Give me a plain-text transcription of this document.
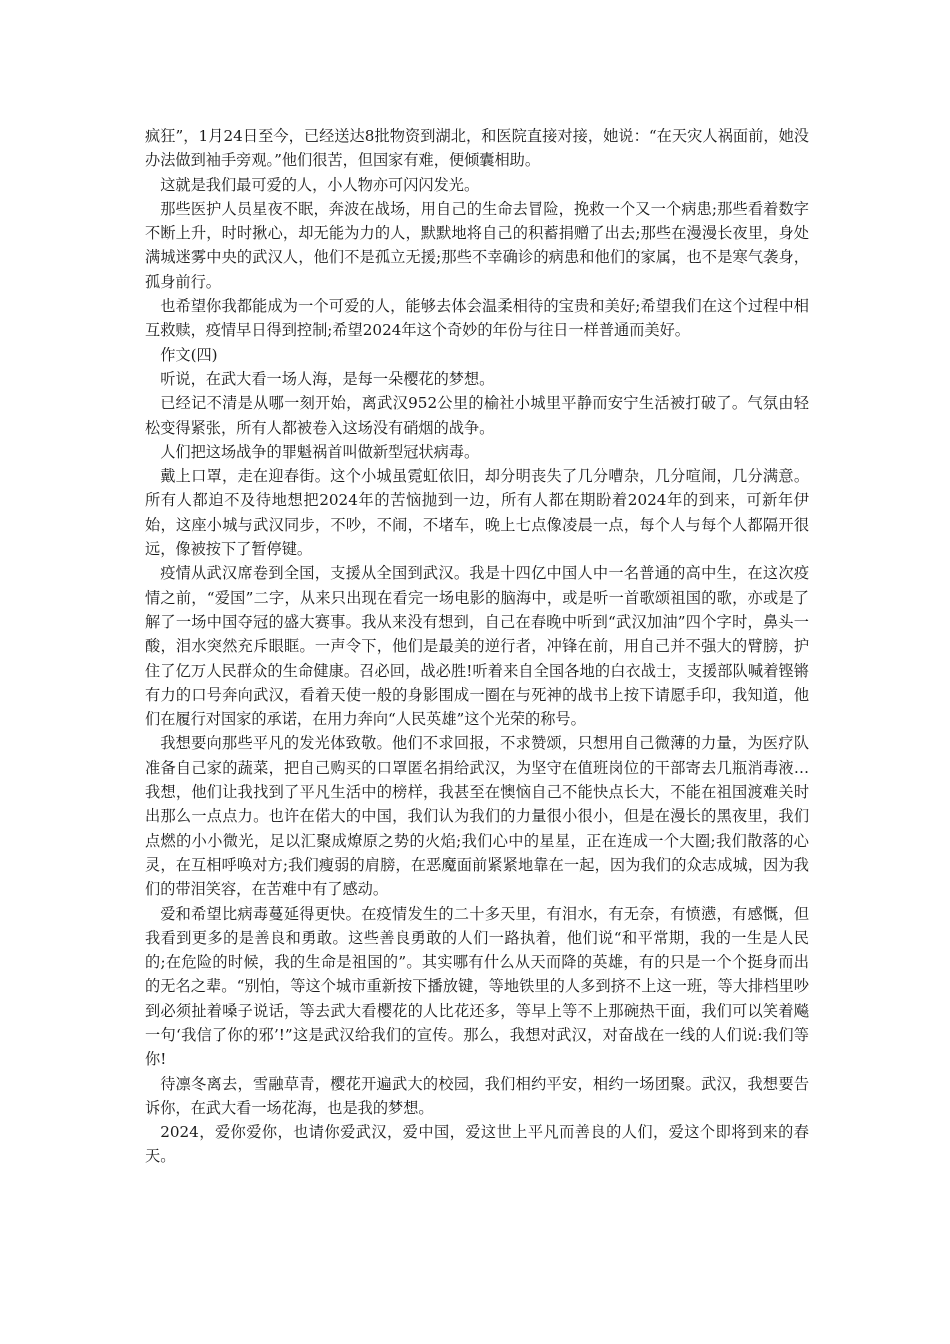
疯狂”，1月24日至今，已经送达8批物资到湖北，和医院直接对接，她说：“在天灾人祸面前，她没办法做到袖手旁观。”他们很苦，但国家有难，便倾囊相助。

这就是我们最可爱的人，小人物亦可闪闪发光。

那些医护人员星夜不眠，奔波在战场，用自己的生命去冒险，挽救一个又一个病患;那些看着数字不断上升，时时揪心，却无能为力的人，默默地将自己的积蓄捐赠了出去;那些在漫漫长夜里，身处满城迷雾中央的武汉人，他们不是孤立无援;那些不幸确诊的病患和他们的家属，也不是寒气袭身，孤身前行。

也希望你我都能成为一个可爱的人，能够去体会温柔相待的宝贵和美好;希望我们在这个过程中相互救赎，疫情早日得到控制;希望2024年这个奇妙的年份与往日一样普通而美好。

作文(四)

听说，在武大看一场人海，是每一朵樱花的梦想。

已经记不清是从哪一刻开始，离武汉952公里的榆社小城里平静而安宁生活被打破了。气氛由轻松变得紧张，所有人都被卷入这场没有硝烟的战争。

人们把这场战争的罪魁祸首叫做新型冠状病毒。

戴上口罩，走在迎春街。这个小城虽霓虹依旧，却分明丧失了几分嘈杂，几分喧闹，几分满意。所有人都迫不及待地想把2024年的苦恼抛到一边，所有人都在期盼着2024年的到来，可新年伊始，这座小城与武汉同步，不吵，不闹，不堵车，晚上七点像凌晨一点，每个人与每个人都隔开很远，像被按下了暂停键。

疫情从武汉席卷到全国，支援从全国到武汉。我是十四亿中国人中一名普通的高中生，在这次疫情之前，“爱国”二字，从来只出现在看完一场电影的脑海中，或是听一首歌颂祖国的歌，亦或是了解了一场中国夺冠的盛大赛事。我从来没有想到，自己在春晚中听到“武汉加油”四个字时，鼻头一酸，泪水突然充斥眼眶。一声令下，他们是最美的逆行者，冲锋在前，用自己并不强大的臂膀，护住了亿万人民群众的生命健康。召必回，战必胜!听着来自全国各地的白衣战士，支援部队喊着铿锵有力的口号奔向武汉，看着天使一般的身影围成一圈在与死神的战书上按下请愿手印，我知道，他们在履行对国家的承诺，在用力奔向“人民英雄”这个光荣的称号。

我想要向那些平凡的发光体致敬。他们不求回报，不求赞颂，只想用自己微薄的力量，为医疗队准备自己家的蔬菜，把自己购买的口罩匿名捐给武汉，为坚守在值班岗位的干部寄去几瓶消毒液…我想，他们让我找到了平凡生活中的榜样，我甚至在懊恼自己不能快点长大，不能在祖国渡难关时出那么一点点力。也许在偌大的中国，我们认为我们的力量很小很小，但是在漫长的黑夜里，我们点燃的小小微光，足以汇聚成燎原之势的火焰;我们心中的星星，正在连成一个大圈;我们散落的心灵，在互相呼唤对方;我们瘦弱的肩膀，在恶魔面前紧紧地靠在一起，因为我们的众志成城，因为我们的带泪笑容，在苦难中有了感动。

爱和希望比病毒蔓延得更快。在疫情发生的二十多天里，有泪水，有无奈，有愤懑，有感慨，但我看到更多的是善良和勇敢。这些善良勇敢的人们一路执着，他们说“和平常期，我的一生是人民的;在危险的时候，我的生命是祖国的”。其实哪有什么从天而降的英雄，有的只是一个个挺身而出的无名之辈。“别怕，等这个城市重新按下播放键，等地铁里的人多到挤不上这一班，等大排档里吵到必须扯着嗓子说话，等去武大看樱花的人比花还多，等早上等不上那碗热干面，我们可以笑着飚一句‘我信了你的邪’!”这是武汉给我们的宣传。那么，我想对武汉，对奋战在一线的人们说:我们等你!

待凛冬离去，雪融草青，樱花开遍武大的校园，我们相约平安，相约一场团聚。武汉，我想要告诉你，在武大看一场花海，也是我的梦想。

2024，爱你爱你，也请你爱武汉，爱中国，爱这世上平凡而善良的人们，爱这个即将到来的春天。
